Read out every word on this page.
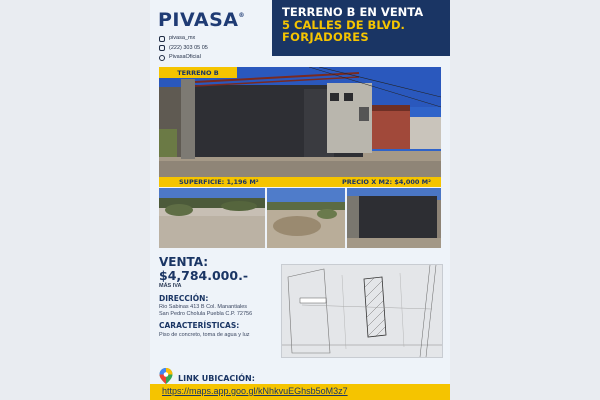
PIVASA®
pivasa_mx
(222) 303 05 05
PivasaOficial
TERRENO B EN VENTA
5 CALLES DE BLVD.
FORJADORES
TERRENO B
SUPERFICIE: 1,196 M²	PRECIO X M2: $4,000 M²
VENTA:
$4,784.000.-
MÁS IVA
DIRECCIÓN:
Rio Sabinas 413 B Col. Manantiales
San Pedro Cholula Puebla C.P. 72756
CARACTERÍSTICAS:
Piso de concreto, toma de agua y luz
LINK UBICACIÓN:
https://maps.app.goo.gl/kNhkvuEGhsb5oM3z7
